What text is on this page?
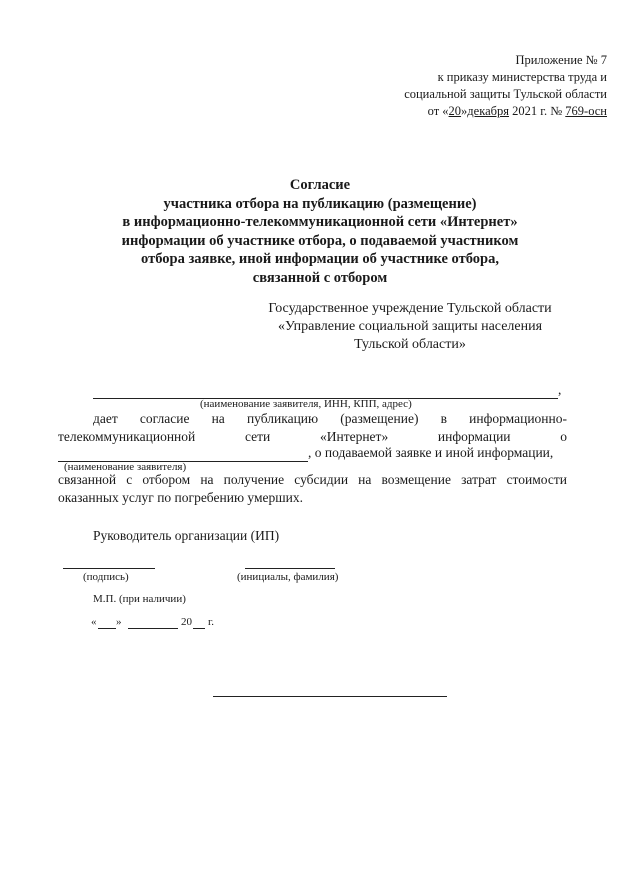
Приложение № 7
к приказу министерства труда и
социальной защиты Тульской области
от «20»декабря 2021 г. № 769-осн
Согласие
участника отбора на публикацию (размещение)
в информационно-телекоммуникационной сети «Интернет»
информации об участнике отбора, о подаваемой участником
отбора заявке, иной информации об участнике отбора,
связанной с отбором
Государственное учреждение Тульской области
«Управление социальной защиты населения
Тульской области»
,
(наименование заявителя, ИНН, КПП, адрес)
дает согласие на публикацию (размещение) в информационно-
телекоммуникационной	сети	«Интернет»	информации	о
, о подаваемой заявке и иной информации,
(наименование заявителя)
связанной с отбором на получение субсидии на возмещение затрат стоимости
оказанных услуг по погребению умерших.
Руководитель организации (ИП)
(подпись)	(инициалы, фамилия)
М.П. (при наличии)
« »	20 г.
